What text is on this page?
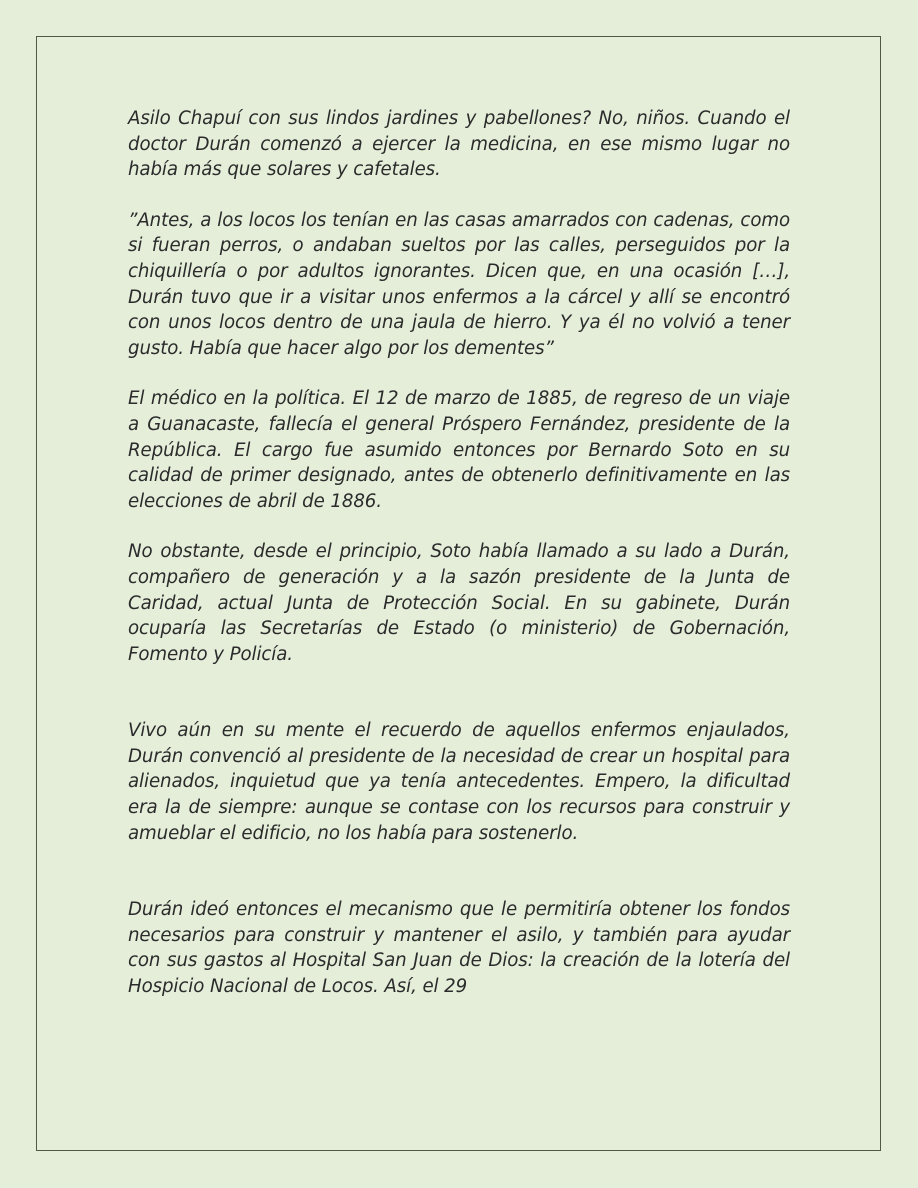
Asilo Chapuí con sus lindos jardines y pabellones? No, niños. Cuando el doctor Durán comenzó a ejercer la medicina, en ese mismo lugar no había más que solares y cafetales.

”Antes, a los locos los tenían en las casas amarrados con cadenas, como si fueran perros, o andaban sueltos por las calles, perseguidos por la chiquillería o por adultos ignorantes. Dicen que, en una ocasión […], Durán tuvo que ir a visitar unos enfermos a la cárcel y allí se encontró con unos locos dentro de una jaula de hierro. Y ya él no volvió a tener gusto. Había que hacer algo por los dementes”

El médico en la política. El 12 de marzo de 1885, de regreso de un viaje a Guanacaste, fallecía el general Próspero Fernández, presidente de la República. El cargo fue asumido entonces por Bernardo Soto en su calidad de primer designado, antes de obtenerlo definitivamente en las elecciones de abril de 1886.

No obstante, desde el principio, Soto había llamado a su lado a Durán, compañero de generación y a la sazón presidente de la Junta de Caridad, actual Junta de Protección Social. En su gabinete, Durán ocuparía las Secretarías de Estado (o ministerio) de Gobernación, Fomento y Policía.

Vivo aún en su mente el recuerdo de aquellos enfermos enjaulados, Durán convenció al presidente de la necesidad de crear un hospital para alienados, inquietud que ya tenía antecedentes. Empero, la dificultad era la de siempre: aunque se contase con los recursos para construir y amueblar el edificio, no los había para sostenerlo.

Durán ideó entonces el mecanismo que le permitiría obtener los fondos necesarios para construir y mantener el asilo, y también para ayudar con sus gastos al Hospital San Juan de Dios: la creación de la lotería del Hospicio Nacional de Locos. Así, el 29
